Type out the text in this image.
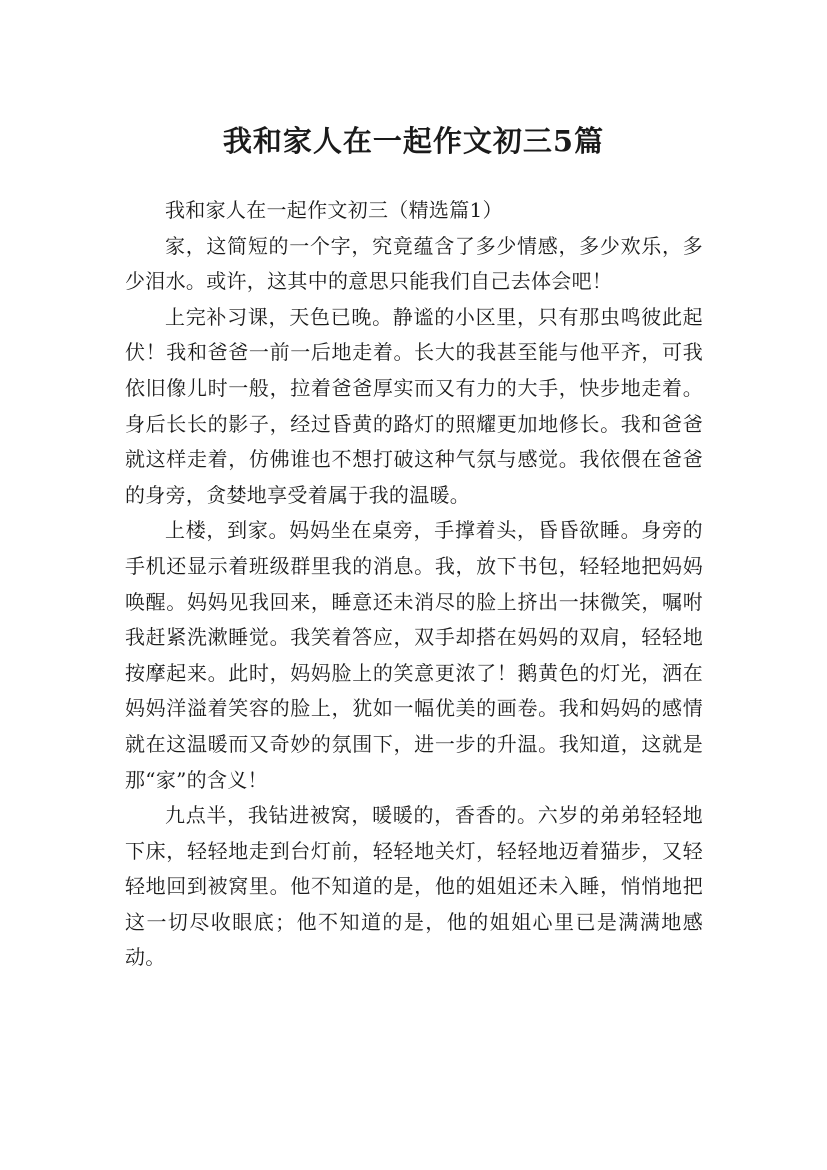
我和家人在一起作文初三5篇

我和家人在一起作文初三（精选篇1）

家，这简短的一个字，究竟蕴含了多少情感，多少欢乐，多少泪水。或许，这其中的意思只能我们自己去体会吧！

上完补习课，天色已晚。静谧的小区里，只有那虫鸣彼此起伏！我和爸爸一前一后地走着。长大的我甚至能与他平齐，可我依旧像儿时一般，拉着爸爸厚实而又有力的大手，快步地走着。身后长长的影子，经过昏黄的路灯的照耀更加地修长。我和爸爸就这样走着，仿佛谁也不想打破这种气氛与感觉。我依偎在爸爸的身旁，贪婪地享受着属于我的温暖。

上楼，到家。妈妈坐在桌旁，手撑着头，昏昏欲睡。身旁的手机还显示着班级群里我的消息。我，放下书包，轻轻地把妈妈唤醒。妈妈见我回来，睡意还未消尽的脸上挤出一抹微笑，嘱咐我赶紧洗漱睡觉。我笑着答应，双手却搭在妈妈的双肩，轻轻地按摩起来。此时，妈妈脸上的笑意更浓了！鹅黄色的灯光，洒在妈妈洋溢着笑容的脸上，犹如一幅优美的画卷。我和妈妈的感情就在这温暖而又奇妙的氛围下，进一步的升温。我知道，这就是那“家”的含义！

九点半，我钻进被窝，暖暖的，香香的。六岁的弟弟轻轻地下床，轻轻地走到台灯前，轻轻地关灯，轻轻地迈着猫步，又轻轻地回到被窝里。他不知道的是，他的姐姐还未入睡，悄悄地把这一切尽收眼底；他不知道的是，他的姐姐心里已是满满地感动。
